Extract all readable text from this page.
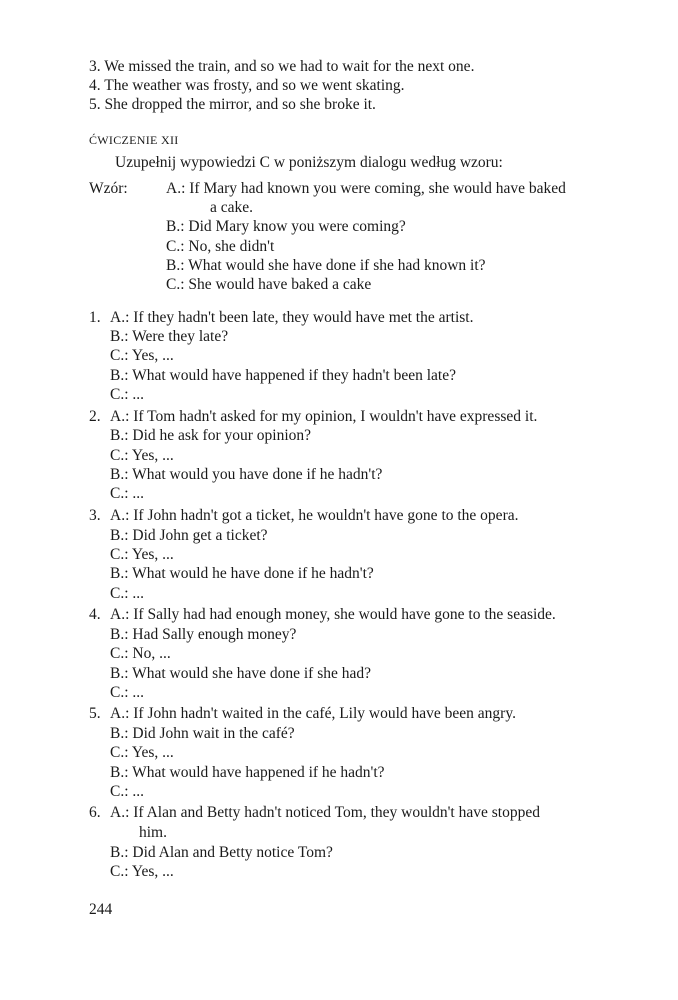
3. We missed the train, and so we had to wait for the next one.
4. The weather was frosty, and so we went skating.
5. She dropped the mirror, and so she broke it.
ĆWICZENIE XII
Uzupełnij wypowiedzi C w poniższym dialogu według wzoru:
Wzór: A.: If Mary had known you were coming, she would have baked
a cake.
B.: Did Mary know you were coming?
C.: No, she didn't
B.: What would she have done if she had known it?
C.: She would have baked a cake
1. A.: If they hadn't been late, they would have met the artist.
B.: Were they late?
C.: Yes, ...
B.: What would have happened if they hadn't been late?
C.: ...
2. A.: If Tom hadn't asked for my opinion, I wouldn't have expressed it.
B.: Did he ask for your opinion?
C.: Yes, ...
B.: What would you have done if he hadn't?
C.: ...
3. A.: If John hadn't got a ticket, he wouldn't have gone to the opera.
B.: Did John get a ticket?
C.: Yes, ...
B.: What would he have done if he hadn't?
C.: ...
4. A.: If Sally had had enough money, she would have gone to the seaside.
B.: Had Sally enough money?
C.: No, ...
B.: What would she have done if she had?
C.: ...
5. A.: If John hadn't waited in the café, Lily would have been angry.
B.: Did John wait in the café?
C.: Yes, ...
B.: What would have happened if he hadn't?
C.: ...
6. A.: If Alan and Betty hadn't noticed Tom, they wouldn't have stopped
him.
B.: Did Alan and Betty notice Tom?
C.: Yes, ...
244
